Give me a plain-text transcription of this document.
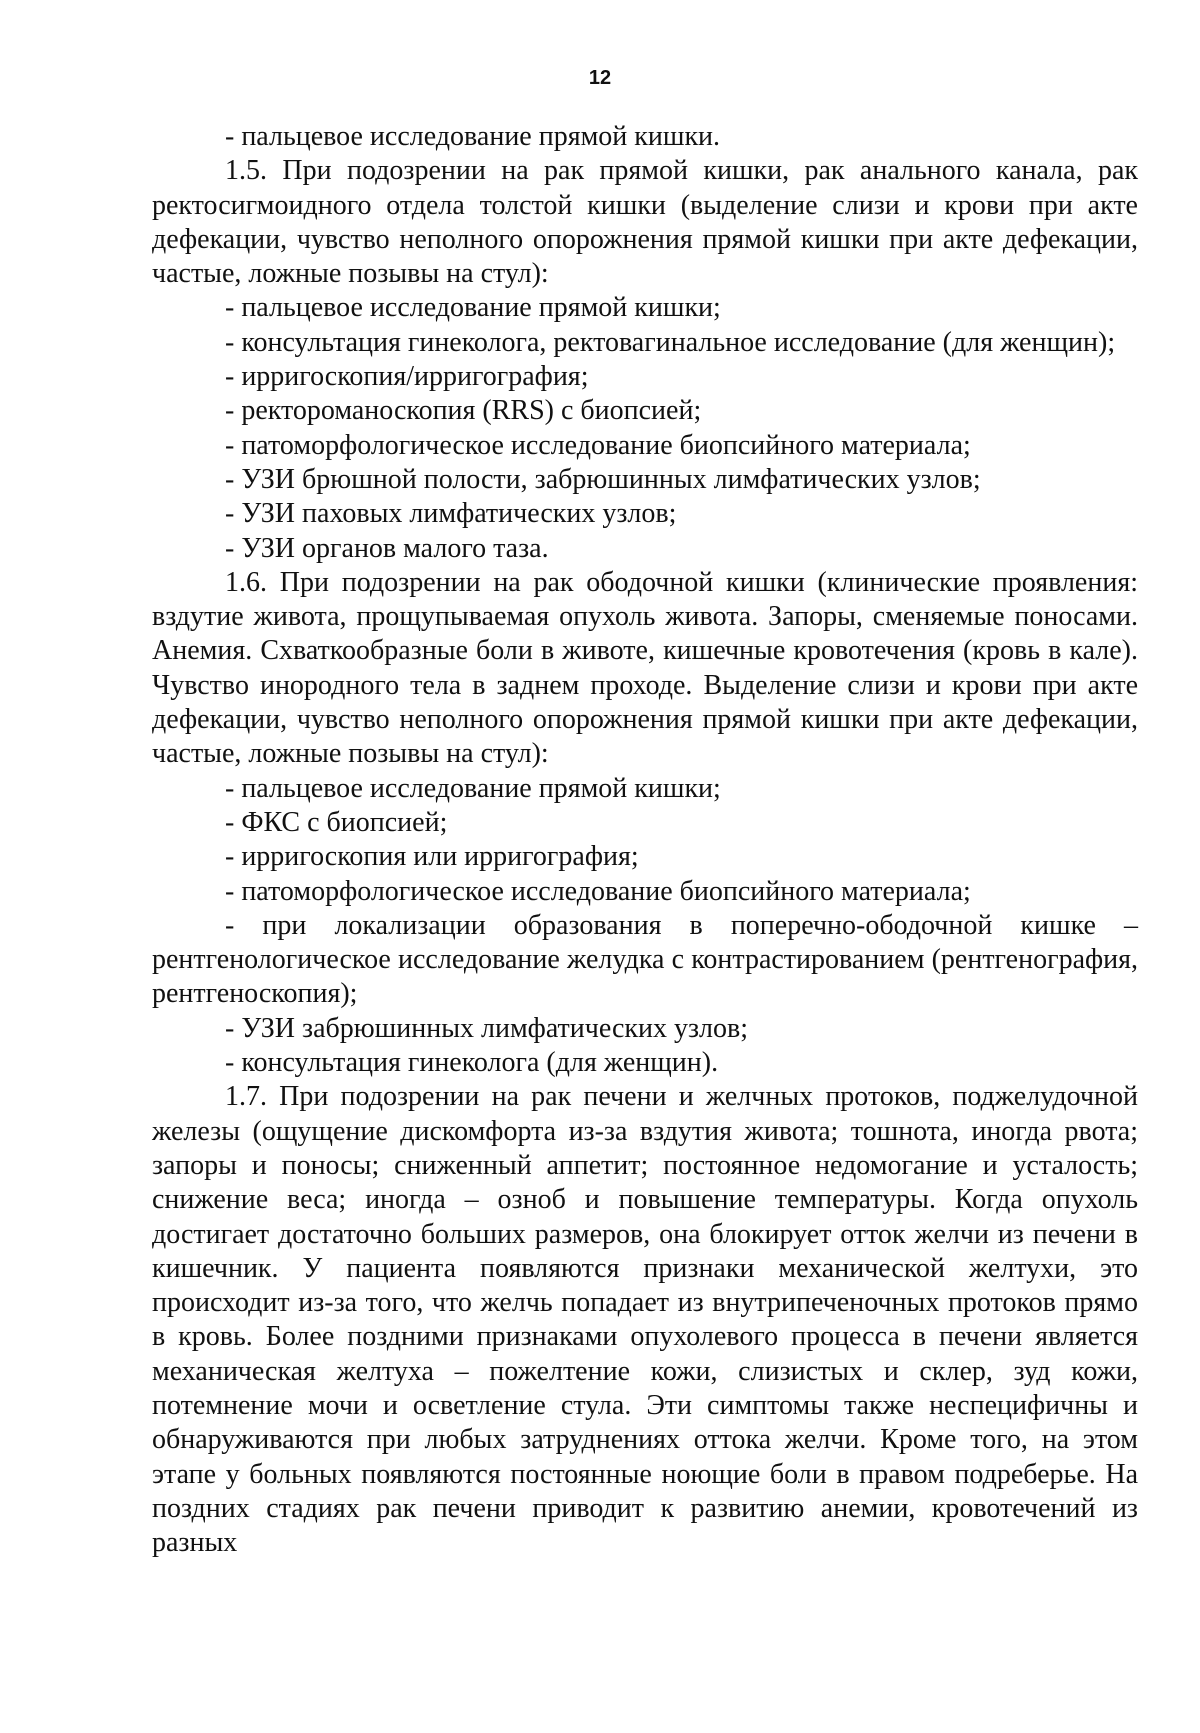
12

- пальцевое исследование прямой кишки.

1.5. При подозрении на рак прямой кишки, рак анального канала, рак ректосигмоидного отдела толстой кишки (выделение слизи и крови при акте дефекации, чувство неполного опорожнения прямой кишки при акте дефекации, частые, ложные позывы на стул):

- пальцевое исследование прямой кишки;

- консультация гинеколога, ректовагинальное исследование (для женщин);

- ирригоскопия/ирригография;

- ректороманоскопия (RRS) с биопсией;

- патоморфологическое исследование биопсийного материала;

- УЗИ брюшной полости, забрюшинных лимфатических узлов;

- УЗИ паховых лимфатических узлов;

- УЗИ органов малого таза.

1.6. При подозрении на рак ободочной кишки (клинические проявления: вздутие живота, прощупываемая опухоль живота. Запоры, сменяемые поносами. Анемия. Схваткообразные боли в животе, кишечные кровотечения (кровь в кале). Чувство инородного тела в заднем проходе. Выделение слизи и крови при акте дефекации, чувство неполного опорожнения прямой кишки при акте дефекации, частые, ложные позывы на стул):

- пальцевое исследование прямой кишки;

- ФКС с биопсией;

- ирригоскопия или ирригография;

- патоморфологическое исследование биопсийного материала;

- при локализации образования в поперечно-ободочной кишке – рентгенологическое исследование желудка с контрастированием (рентгенография, рентгеноскопия);

- УЗИ забрюшинных лимфатических узлов;

- консультация гинеколога (для женщин).

1.7. При подозрении на рак печени и желчных протоков, поджелудочной железы (ощущение дискомфорта из-за вздутия живота; тошнота, иногда рвота; запоры и поносы; сниженный аппетит; постоянное недомогание и усталость; снижение веса; иногда – озноб и повышение температуры. Когда опухоль достигает достаточно больших размеров, она блокирует отток желчи из печени в кишечник. У пациента появляются признаки механической желтухи, это происходит из-за того, что желчь попадает из внутрипеченочных протоков прямо в кровь. Более поздними признаками опухолевого процесса в печени является механическая желтуха – пожелтение кожи, слизистых и склер, зуд кожи, потемнение мочи и осветление стула. Эти симптомы также неспецифичны и обнаруживаются при любых затруднениях оттока желчи. Кроме того, на этом этапе у больных появляются постоянные ноющие боли в правом подреберье. На поздних стадиях рак печени приводит к развитию анемии, кровотечений из разных
